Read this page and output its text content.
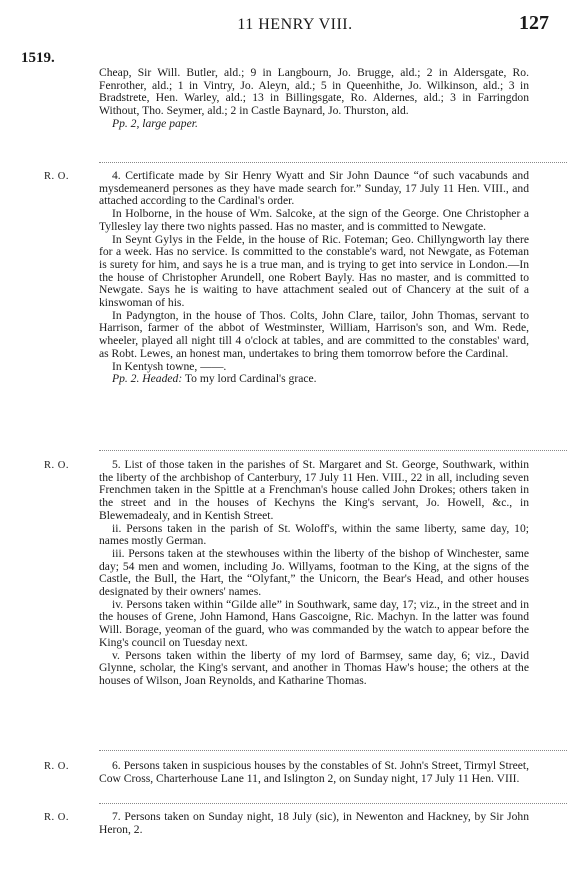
11 HENRY VIII.	127
1519.

Cheap, Sir Will. Butler, ald.; 9 in Langbourn, Jo. Brugge, ald.; 2 in Aldersgate, Ro. Fenrother, ald.; 1 in Vintry, Jo. Aleyn, ald.; 5 in Queenhithe, Jo. Wilkinson, ald.; 3 in Bradstrete, Hen. Warley, ald.; 13 in Billingsgate, Ro. Aldernes, ald.; 3 in Farringdon Without, Tho. Seymer, ald.; 2 in Castle Baynard, Jo. Thurston, ald.

Pp. 2, large paper.

R. O.	4. Certificate made by Sir Henry Wyatt and Sir John Daunce “of such vacabunds and mysdemeanerd persones as they have made search for.” Sunday, 17 July 11 Hen. VIII., and attached according to the Cardinal's order.

In Holborne, in the house of Wm. Salcoke, at the sign of the George. One Christopher a Tyllesley lay there two nights passed. Has no master, and is committed to Newgate.

In Seynt Gylys in the Felde, in the house of Ric. Foteman; Geo. Chillyngworth lay there for a week. Has no service. Is committed to the constable's ward, not Newgate, as Foteman is surety for him, and says he is a true man, and is trying to get into service in London.—In the house of Christopher Arundell, one Robert Bayly. Has no master, and is committed to Newgate. Says he is waiting to have attachment sealed out of Chancery at the suit of a kinswoman of his.

In Padyngton, in the house of Thos. Colts, John Clare, tailor, John Thomas, servant to Harrison, farmer of the abbot of Westminster, William, Harrison's son, and Wm. Rede, wheeler, played all night till 4 o'clock at tables, and are committed to the constables' ward, as Robt. Lewes, an honest man, undertakes to bring them tomorrow before the Cardinal.

In Kentysh towne, ——.

Pp. 2. Headed: To my lord Cardinal's grace.

R. O.	5. List of those taken in the parishes of St. Margaret and St. George, Southwark, within the liberty of the archbishop of Canterbury, 17 July 11 Hen. VIII., 22 in all, including seven Frenchmen taken in the Spittle at a Frenchman's house called John Drokes; others taken in the street and in the houses of Kechyns the King's servant, Jo. Howell, &c., in Blewemadealy, and in Kentish Street.

ii. Persons taken in the parish of St. Woloff's, within the same liberty, same day, 10; names mostly German.

iii. Persons taken at the stewhouses within the liberty of the bishop of Winchester, same day; 54 men and women, including Jo. Willyams, footman to the King, at the signs of the Castle, the Bull, the Hart, the “Olyfant,” the Unicorn, the Bear's Head, and other houses designated by their owners' names.

iv. Persons taken within “Gilde alle” in Southwark, same day, 17; viz., in the street and in the houses of Grene, John Hamond, Hans Gascoigne, Ric. Machyn. In the latter was found Will. Borage, yeoman of the guard, who was commanded by the watch to appear before the King's council on Tuesday next.

v. Persons taken within the liberty of my lord of Barmsey, same day, 6; viz., David Glynne, scholar, the King's servant, and another in Thomas Haw's house; the others at the houses of Wilson, Joan Reynolds, and Katharine Thomas.

R. O.	6. Persons taken in suspicious houses by the constables of St. John's Street, Tirmyl Street, Cow Cross, Charterhouse Lane 11, and Islington 2, on Sunday night, 17 July 11 Hen. VIII.

R. O.	7. Persons taken on Sunday night, 18 July (sic), in Newenton and Hackney, by Sir John Heron, 2.
